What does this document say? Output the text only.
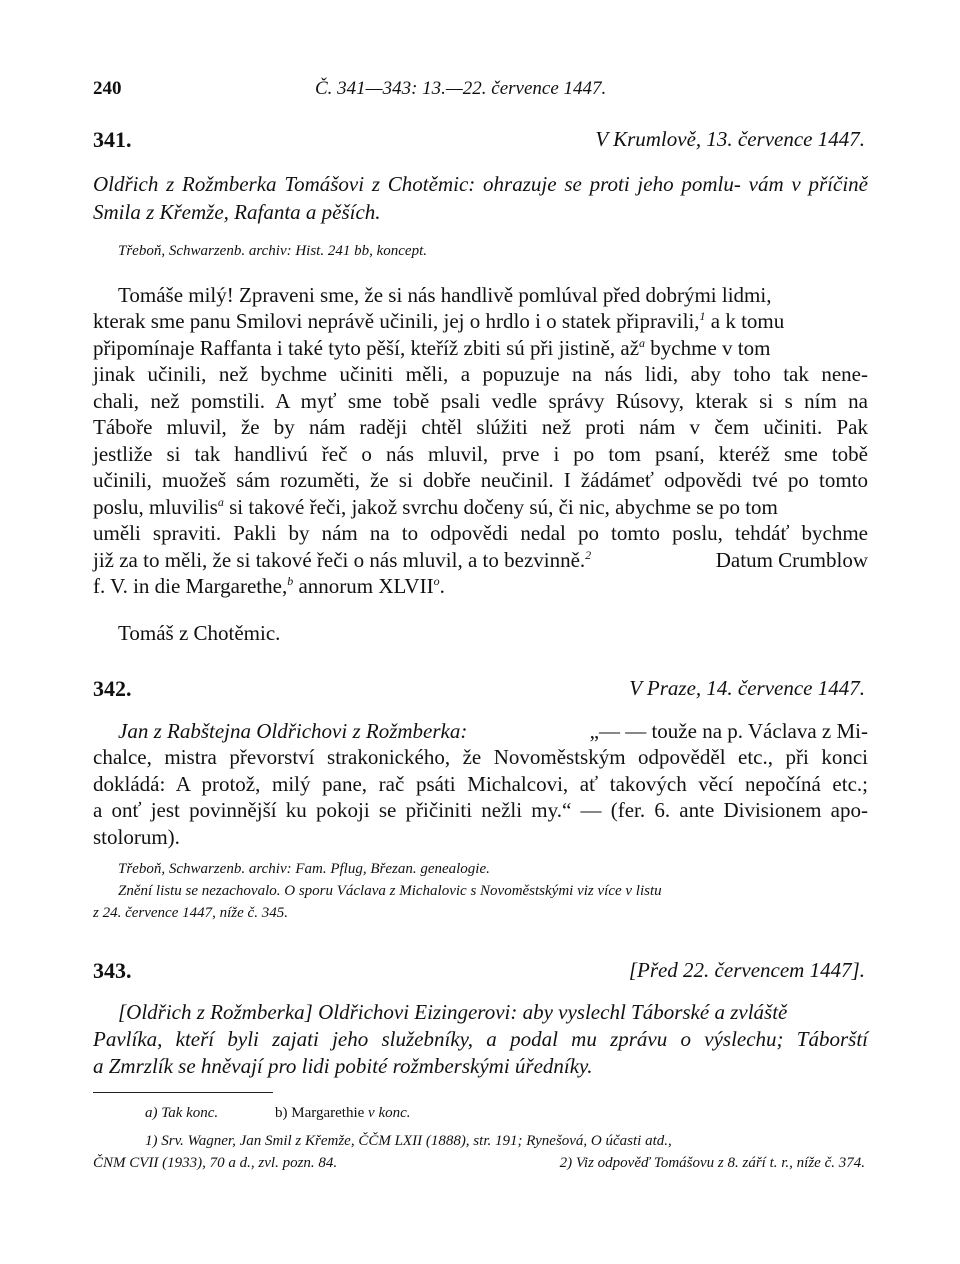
240	Č. 341—343: 13.—22. července 1447.
341.	V Krumlově, 13. července 1447.
Oldřich z Rožmberka Tomášovi z Chotěmic: ohrazuje se proti jeho pomlu- vám v příčině Smila z Křemže, Rafanta a pěších.
Třeboň, Schwarzenb. archiv: Hist. 241 bb, koncept.
Tomáše milý! Zpraveni sme, že si nás handlivě pomlúval před dobrými lidmi,
kterak sme panu Smilovi neprávě učinili, jej o hrdlo i o statek připravili,$^1$ a k tomu
připomínaje Raffanta i také tyto pěší, kteříž zbiti sú při jistině, $až^a$ bychme v tom
jinak učinili, než bychme učiniti měli, a popuzuje na nás lidi, aby toho tak nene-
chali, než pomstili. A myť sme tobě psali vedle správy Rúsovy, kterak si s ním na
Táboře mluvil, že by nám raději chtěl slúžiti než proti nám v čem učiniti. Pak
jestliže si tak handlivú řeč o nás mluvil, prve i po tom psaní, kteréž sme tobě
učinili, muožeš sám rozuměti, že si dobře neučinil. I žádámeť odpovědi tvé po tomto
poslu, mluvilis$^a$ si takové řeči, jakož svrchu dočeny sú, či nic, abychme se po tom
uměli spraviti. Pakli by nám na to odpovědi nedal po tomto poslu, tehdáť bychme
již za to měli, že si takové řeči o nás mluvil, a to bezvinně.$^2$	Datum Crumblow
f. V. in die Margarethe,$^b$ annorum XLVII$^o$.
Tomáš z Chotěmic.
342.	V Praze, 14. července 1447.
Jan z Rabštejna Oldřichovi z Rožmberka:	„— — touže na p. Václava z Mi-
chalce, mistra převorství strakonického, že Novoměstským odpověděl etc., při konci
dokládá: A protož, milý pane, rač psáti Michalcovi, ať takových věcí nepočíná etc.;
a onť jest povinnější ku pokoji se přičiniti nežli my.“ — (fer. 6. ante Divisionem apo-
stolorum).
Třeboň, Schwarzenb. archiv: Fam. Pflug, Březan. genealogie.
Znění listu se nezachovalo. O sporu Václava z Michalovic s Novoměstskými viz více v listu
z 24. července 1447, níže č. 345.
343.	[Před 22. červencem 1447].
[Oldřich z Rožmberka] Oldřichovi Eizingerovi: aby vyslechl Táborské a zvláště
Pavlíka, kteří byli zajati jeho služebníky, a podal mu zprávu o výslechu; Táborští
a Zmrzlík se hněvají pro lidi pobité rožmberskými úředníky.
a) Tak konc.	b) Margarethie v konc.
1) Srv. Wagner, Jan Smil z Křemže, ČČM LXII (1888), str. 191; Rynešová, O účasti atd.,
ČNM CVII (1933), 70 a d., zvl. pozn. 84.	2) Viz odpověď Tomášovu z 8. září t. r., níže č. 374.
